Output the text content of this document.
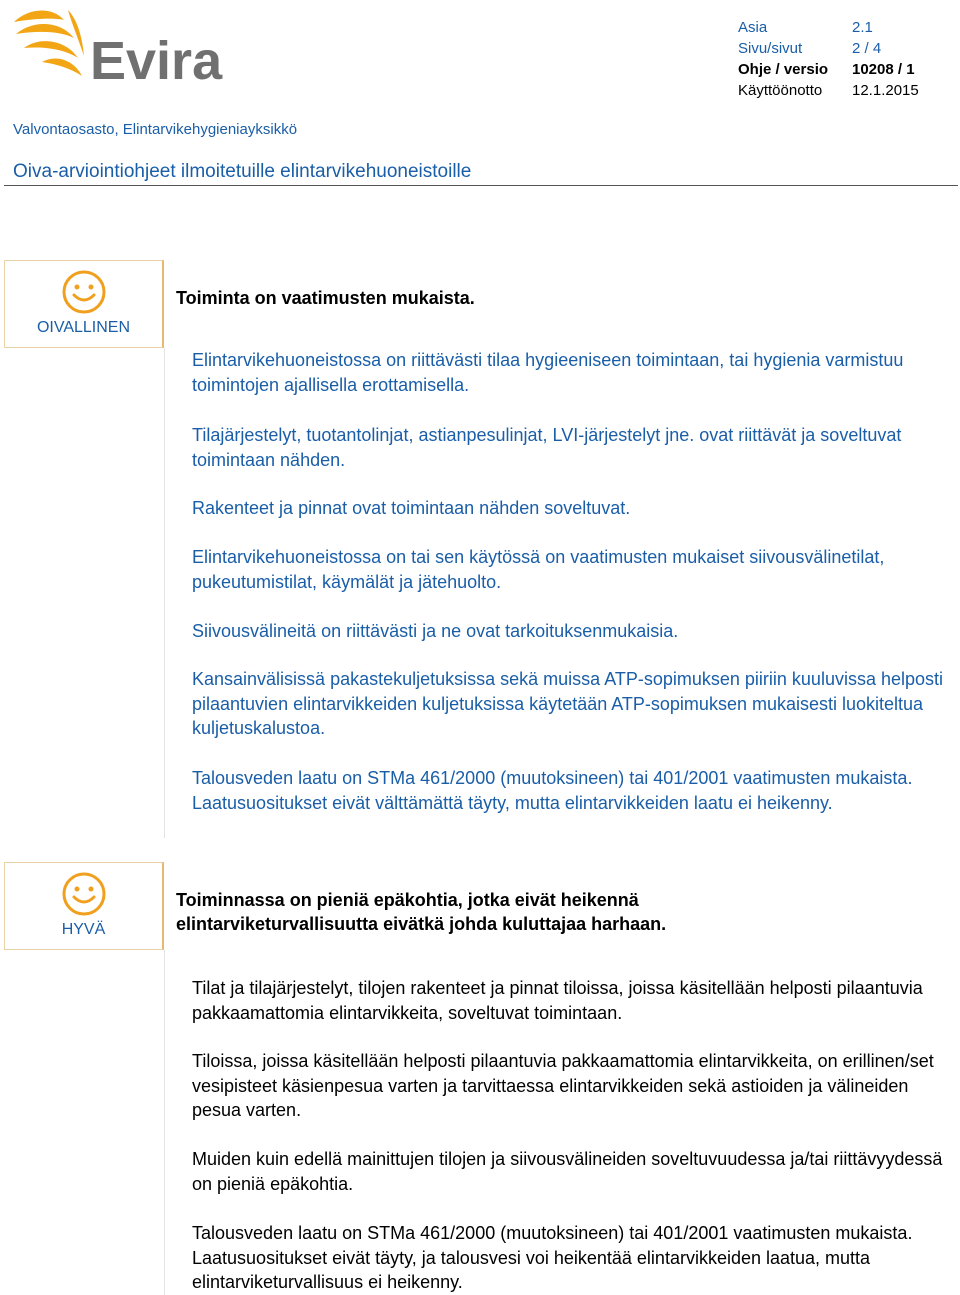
Evira
Asia	2.1
Sivu/sivut	2 / 4
Ohje / versio	10208 / 1
Käyttöönotto	12.1.2015
Valvontaosasto, Elintarvikehygieniayksikkö
Oiva-arviointiohjeet ilmoitetuille elintarvikehuoneistoille
OIVALLINEN
Toiminta on vaatimusten mukaista.
Elintarvikehuoneistossa on riittävästi tilaa hygieeniseen toimintaan, tai hygienia varmistuu toimintojen ajallisella erottamisella.
Tilajärjestelyt, tuotantolinjat, astianpesulinjat, LVI-järjestelyt jne. ovat riittävät ja soveltuvat toimintaan nähden.
Rakenteet ja pinnat ovat toimintaan nähden soveltuvat.
Elintarvikehuoneistossa on tai sen käytössä on vaatimusten mukaiset siivousvälinetilat, pukeutumistilat, käymälät ja jätehuolto.
Siivousvälineitä on riittävästi ja ne ovat tarkoituksenmukaisia.
Kansainvälisissä pakastekuljetuksissa sekä muissa ATP-sopimuksen piiriin kuuluvissa helposti pilaantuvien elintarvikkeiden kuljetuksissa käytetään ATP-sopimuksen mukaisesti luokiteltua kuljetuskalustoa.
Talousveden laatu on STMa 461/2000 (muutoksineen) tai 401/2001 vaatimusten mukaista. Laatusuositukset eivät välttämättä täyty, mutta elintarvikkeiden laatu ei heikenny.
HYVÄ
Toiminnassa on pieniä epäkohtia, jotka eivät heikennä elintarviketurvallisuutta eivätkä johda kuluttajaa harhaan.
Tilat ja tilajärjestelyt, tilojen rakenteet ja pinnat tiloissa, joissa käsitellään helposti pilaantuvia pakkaamattomia elintarvikkeita, soveltuvat toimintaan.
Tiloissa, joissa käsitellään helposti pilaantuvia pakkaamattomia elintarvikkeita, on erillinen/set vesipisteet käsienpesua varten ja tarvittaessa elintarvikkeiden sekä astioiden ja välineiden pesua varten.
Muiden kuin edellä mainittujen tilojen ja siivousvälineiden soveltuvuudessa ja/tai riittävyydessä on pieniä epäkohtia.
Talousveden laatu on STMa 461/2000 (muutoksineen) tai 401/2001 vaatimusten mukaista. Laatusuositukset eivät täyty, ja talousvesi voi heikentää elintarvikkeiden laatua, mutta elintarviketurvallisuus ei heikenny.
